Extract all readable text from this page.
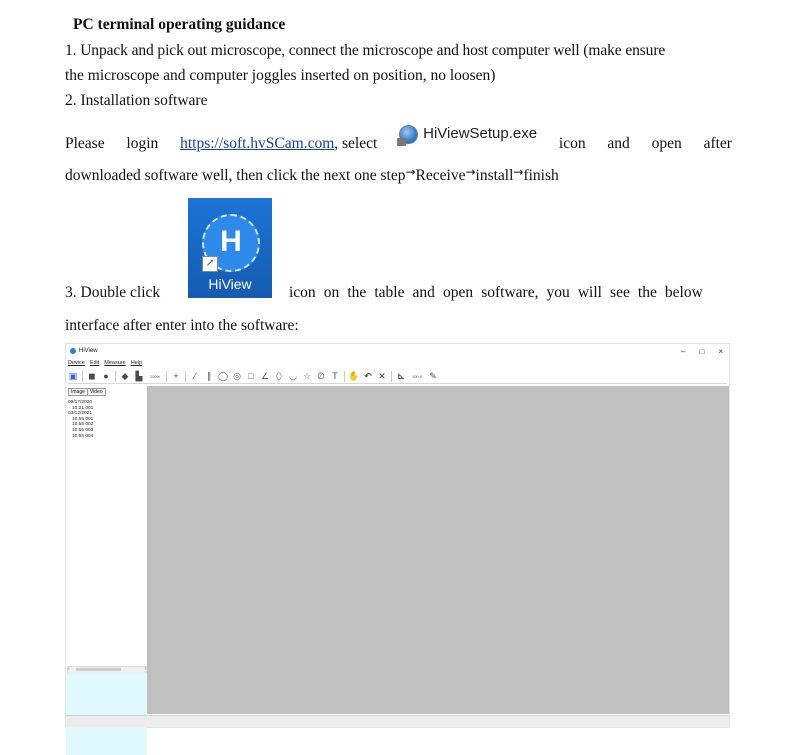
PC terminal operating guidance
1. Unpack and pick out microscope, connect the microscope and host computer well (make ensure
the microscope and computer joggles inserted on position, no loosen)
2. Installation software
Please login https://soft.hvSCam.com, select
HiViewSetup.exe
icon and open after
downloaded software well, then click the next one step→Receive→install→finish
H
↗
HiView
3. Double click	icon on the table and open software, you will see the below
interface after enter into the software:
HiView	– □ ×
Device Edit Measure Help
▣ ◼ ● ◆ ▙	100% +	⁄	∥ ◯ ◎ □ ∠ ⬯ ◡ ☆ ∅ T ✋ ↶ ✕ ⊾	100.0 ✎
Image	Video
09/17/2020
10:21 001
03/12/2021
10:55 001
10:55 002
10:55 003
10:55 004
‹	›
